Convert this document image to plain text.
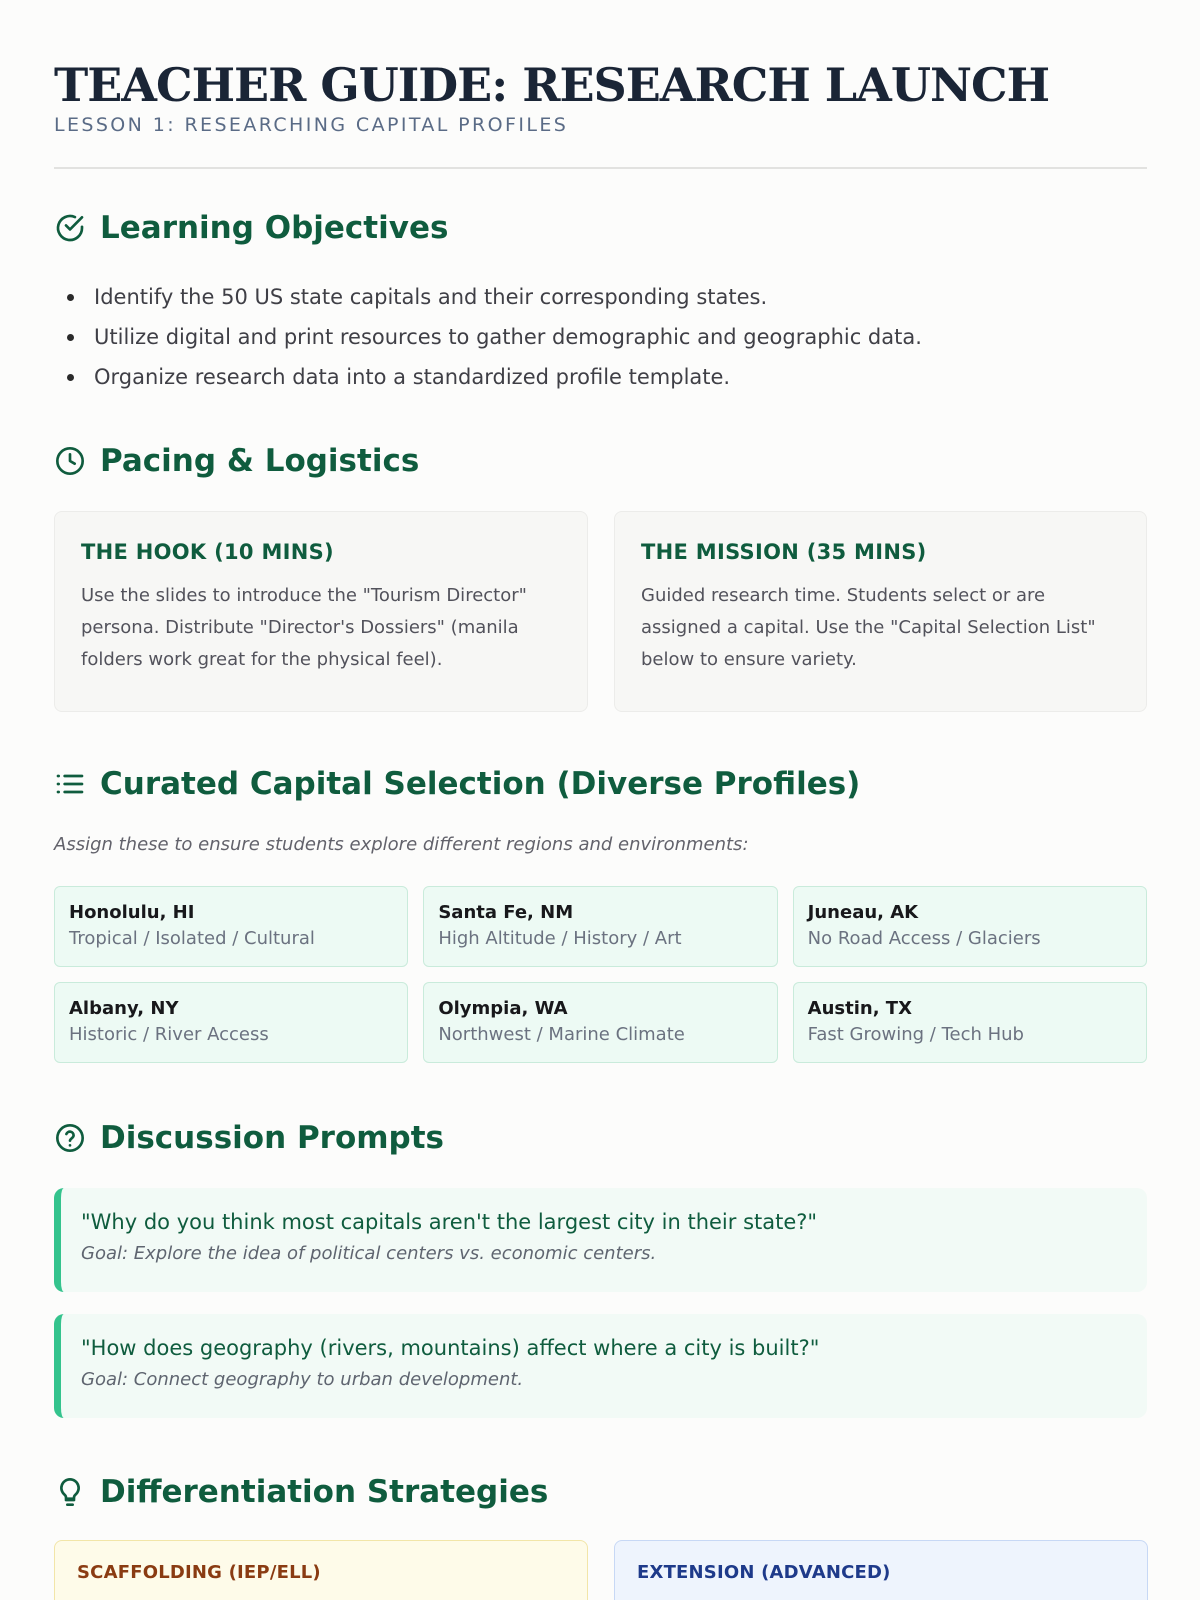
TEACHER GUIDE: RESEARCH LAUNCH
LESSON 1: RESEARCHING CAPITAL PROFILES
Learning Objectives
Identify the 50 US state capitals and their corresponding states.
Utilize digital and print resources to gather demographic and geographic data.
Organize research data into a standardized profile template.
Pacing & Logistics
THE HOOK (10 MINS)

Use the slides to introduce the "Tourism Director" persona. Distribute "Director's Dossiers" (manila folders work great for the physical feel).

THE MISSION (35 MINS)

Guided research time. Students select or are assigned a capital. Use the "Capital Selection List" below to ensure variety.

Curated Capital Selection (Diverse Profiles)
Assign these to ensure students explore different regions and environments:
Honolulu, HI
Tropical / Isolated / Cultural
Santa Fe, NM
High Altitude / History / Art
Juneau, AK
No Road Access / Glaciers
Albany, NY
Historic / River Access
Olympia, WA
Northwest / Marine Climate
Austin, TX
Fast Growing / Tech Hub
Discussion Prompts
"Why do you think most capitals aren't the largest city in their state?"
Goal: Explore the idea of political centers vs. economic centers.
"How does geography (rivers, mountains) affect where a city is built?"
Goal: Connect geography to urban development.
Differentiation Strategies
SCAFFOLDING (IEP/ELL)	EXTENSION (ADVANCED)
